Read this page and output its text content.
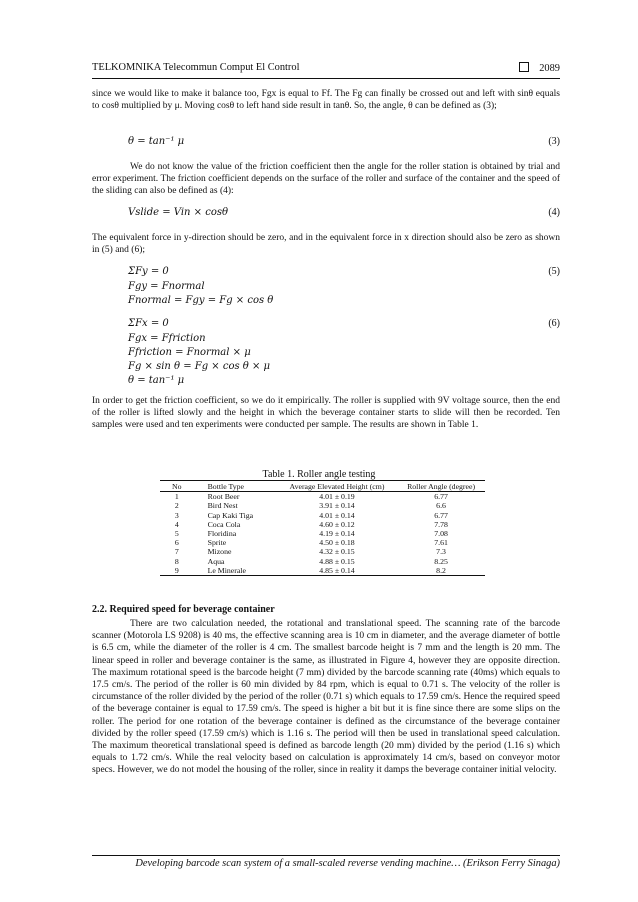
TELKOMNIKA Telecommun Comput El Control	2089

since we would like to make it balance too, Fgx is equal to Ff. The Fg can finally be crossed out and left with sinθ equals to cosθ multiplied by μ. Moving cosθ to left hand side result in tanθ. So, the angle, θ can be defined as (3);

θ = tan⁻¹ μ	(3)

We do not know the value of the friction coefficient then the angle for the roller station is obtained by trial and error experiment. The friction coefficient depends on the surface of the roller and surface of the container and the speed of the sliding can also be defined as (4):

Vslide = Vin × cosθ	(4)

The equivalent force in y-direction should be zero, and in the equivalent force in x direction should also be zero as shown in (5) and (6);

ΣFy = 0	(5)
Fgy = Fnormal
Fnormal = Fgy = Fg × cos θ
ΣFx = 0	(6)
Fgx = Ffriction
Ffriction = Fnormal × μ
Fg × sin θ = Fg × cos θ × μ
θ = tan⁻¹ μ

In order to get the friction coefficient, so we do it empirically. The roller is supplied with 9V voltage source, then the end of the roller is lifted slowly and the height in which the beverage container starts to slide will then be recorded. Ten samples were used and ten experiments were conducted per sample. The results are shown in Table 1.

Table 1. Roller angle testing
No	Bottle Type	Average Elevated Height (cm)	Roller Angle (degree)
1	Root Beer	4.01 ± 0.19	6.77
2	Bird Nest	3.91 ± 0.14	6.6
3	Cap Kaki Tiga	4.01 ± 0.14	6.77
4	Coca Cola	4.60 ± 0.12	7.78
5	Floridina	4.19 ± 0.14	7.08
6	Sprite	4.50 ± 0.18	7.61
7	Mizone	4.32 ± 0.15	7.3
8	Aqua	4.88 ± 0.15	8.25
9	Le Minerale	4.85 ± 0.14	8.2
2.2. Required speed for beverage container

There are two calculation needed, the rotational and translational speed. The scanning rate of the barcode scanner (Motorola LS 9208) is 40 ms, the effective scanning area is 10 cm in diameter, and the average diameter of bottle is 6.5 cm, while the diameter of the roller is 4 cm. The smallest barcode height is 7 mm and the length is 20 mm. The linear speed in roller and beverage container is the same, as illustrated in Figure 4, however they are opposite direction. The maximum rotational speed is the barcode height (7 mm) divided by the barcode scanning rate (40ms) which equals to 17.5 cm/s. The period of the roller is 60 min divided by 84 rpm, which is equal to 0.71 s. The velocity of the roller is circumstance of the roller divided by the period of the roller (0.71 s) which equals to 17.59 cm/s. Hence the required speed of the beverage container is equal to 17.59 cm/s. The speed is higher a bit but it is fine since there are some slips on the roller. The period for one rotation of the beverage container is defined as the circumstance of the beverage container divided by the roller speed (17.59 cm/s) which is 1.16 s. The period will then be used in translational speed calculation. The maximum theoretical translational speed is defined as barcode length (20 mm) divided by the period (1.16 s) which equals to 1.72 cm/s. While the real velocity based on calculation is approximately 14 cm/s, based on conveyor motor specs. However, we do not model the housing of the roller, since in reality it damps the beverage container initial velocity.

Developing barcode scan system of a small-scaled reverse vending machine… (Erikson Ferry Sinaga)
